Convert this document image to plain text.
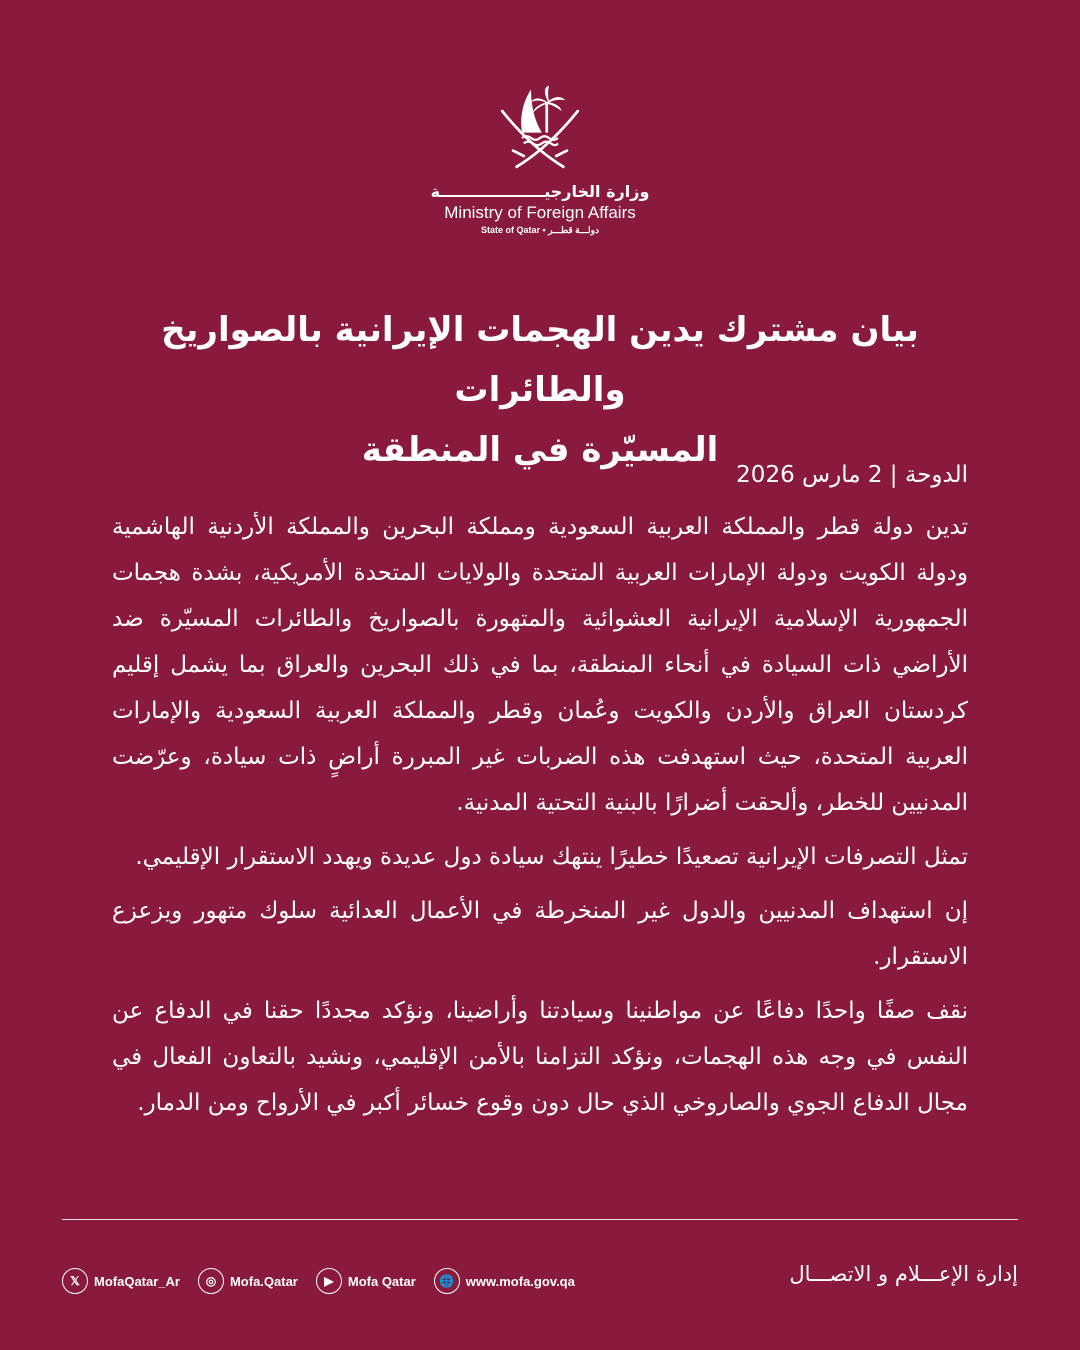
وزارة الخارجيـــــــــــــــــــة
Ministry of Foreign Affairs
State of Qatar • دولـــة قطـــر
بيان مشترك يدين الهجمات الإيرانية بالصواريخ والطائرات
المسيّرة في المنطقة

الدوحة | 2 مارس 2026

تدين دولة قطر والمملكة العربية السعودية ومملكة البحرين والمملكة الأردنية الهاشمية ودولة الكويت ودولة الإمارات العربية المتحدة والولايات المتحدة الأمريكية، بشدة هجمات الجمهورية الإسلامية الإيرانية العشوائية والمتهورة بالصواريخ والطائرات المسيّرة ضد الأراضي ذات السيادة في أنحاء المنطقة، بما في ذلك البحرين والعراق بما يشمل إقليم كردستان العراق والأردن والكويت وعُمان وقطر والمملكة العربية السعودية والإمارات العربية المتحدة، حيث استهدفت هذه الضربات غير المبررة أراضٍ ذات سيادة، وعرّضت المدنيين للخطر، وألحقت أضرارًا بالبنية التحتية المدنية.

تمثل التصرفات الإيرانية تصعيدًا خطيرًا ينتهك سيادة دول عديدة ويهدد الاستقرار الإقليمي.

إن استهداف المدنيين والدول غير المنخرطة في الأعمال العدائية سلوك متهور ويزعزع الاستقرار.

نقف صفًا واحدًا دفاعًا عن مواطنينا وسيادتنا وأراضينا، ونؤكد مجددًا حقنا في الدفاع عن النفس في وجه هذه الهجمات، ونؤكد التزامنا بالأمن الإقليمي، ونشيد بالتعاون الفعال في مجال الدفاع الجوي والصاروخي الذي حال دون وقوع خسائر أكبر في الأرواح ومن الدمار.

𝕏	MofaQatar_Ar	◎	Mofa.Qatar	▶	Mofa Qatar	🌐 www.mofa.gov.qa	إدارة الإعـــلام و الاتصـــال
